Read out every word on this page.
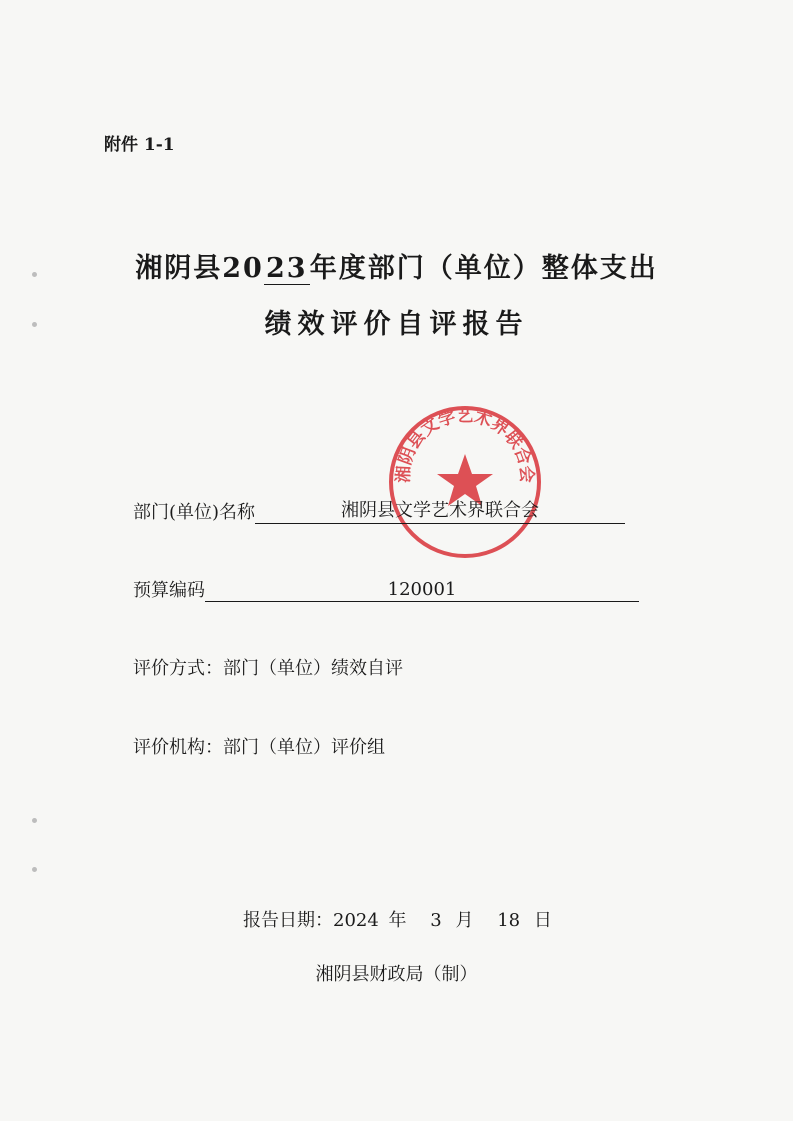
附件 1-1
湘阴县2023年度部门（单位）整体支出
绩效评价自评报告
湘阴县文学艺术界联合会
部门(单位)名称	湘阴县文学艺术界联合会
预算编码	120001
评价方式：部门（单位）绩效自评
评价机构：部门（单位）评价组
报告日期：2024 年 3 月 18 日
湘阴县财政局（制）
